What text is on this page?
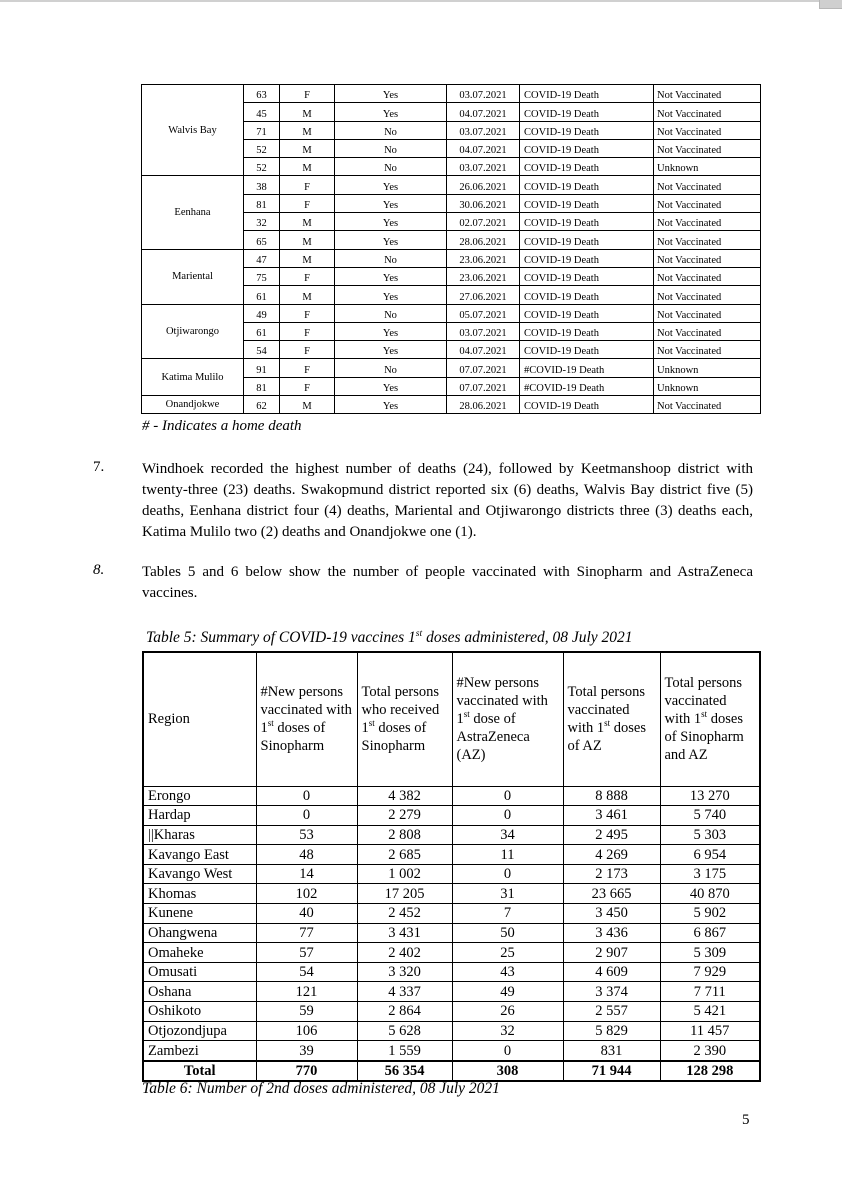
Walvis Bay	63	F	Yes	03.07.2021	COVID-19 Death	Not Vaccinated
	45	M	Yes	04.07.2021	COVID-19 Death	Not Vaccinated
	71	M	No	03.07.2021	COVID-19 Death	Not Vaccinated
	52	M	No	04.07.2021	COVID-19 Death	Not Vaccinated
	52	M	No	03.07.2021	COVID-19 Death	Unknown
Eenhana	38	F	Yes	26.06.2021	COVID-19 Death	Not Vaccinated
	81	F	Yes	30.06.2021	COVID-19 Death	Not Vaccinated
	32	M	Yes	02.07.2021	COVID-19 Death	Not Vaccinated
	65	M	Yes	28.06.2021	COVID-19 Death	Not Vaccinated
Mariental	47	M	No	23.06.2021	COVID-19 Death	Not Vaccinated
	75	F	Yes	23.06.2021	COVID-19 Death	Not Vaccinated
	61	M	Yes	27.06.2021	COVID-19 Death	Not Vaccinated
Otjiwarongo	49	F	No	05.07.2021	COVID-19 Death	Not Vaccinated
	61	F	Yes	03.07.2021	COVID-19 Death	Not Vaccinated
	54	F	Yes	04.07.2021	COVID-19 Death	Not Vaccinated
Katima Mulilo	91	F	No	07.07.2021	#COVID-19 Death	Unknown
	81	F	Yes	07.07.2021	#COVID-19 Death	Unknown
Onandjokwe	62	M	Yes	28.06.2021	COVID-19 Death	Not Vaccinated
# - Indicates a home death
7.	Windhoek recorded the highest number of deaths (24), followed by Keetmanshoop district with twenty-three (23) deaths. Swakopmund district reported six (6) deaths, Walvis Bay district five (5) deaths, Eenhana district four (4) deaths, Mariental and Otjiwarongo districts three (3) deaths each, Katima Mulilo two (2) deaths and Onandjokwe one (1).
8.	Tables 5 and 6 below show the number of people vaccinated with Sinopharm and AstraZeneca vaccines.
Table 5: Summary of COVID-19 vaccines 1st doses administered, 08 July 2021
Region	#New persons vaccinated with 1st doses of Sinopharm	Total persons who received 1st doses of Sinopharm	#New persons vaccinated with 1st dose of AstraZeneca (AZ)	Total persons vaccinated with 1st doses of AZ	Total persons vaccinated with 1st doses of Sinopharm and AZ
Erongo	0	4 382	0	8 888	13 270
Hardap	0	2 279	0	3 461	5 740
||Kharas	53	2 808	34	2 495	5 303
Kavango East	48	2 685	11	4 269	6 954
Kavango West	14	1 002	0	2 173	3 175
Khomas	102	17 205	31	23 665	40 870
Kunene	40	2 452	7	3 450	5 902
Ohangwena	77	3 431	50	3 436	6 867
Omaheke	57	2 402	25	2 907	5 309
Omusati	54	3 320	43	4 609	7 929
Oshana	121	4 337	49	3 374	7 711
Oshikoto	59	2 864	26	2 557	5 421
Otjozondjupa	106	5 628	32	5 829	11 457
Zambezi	39	1 559	0	831	2 390
Total	770	56 354	308	71 944	128 298
Table 6: Number of 2nd doses administered, 08 July 2021
5
